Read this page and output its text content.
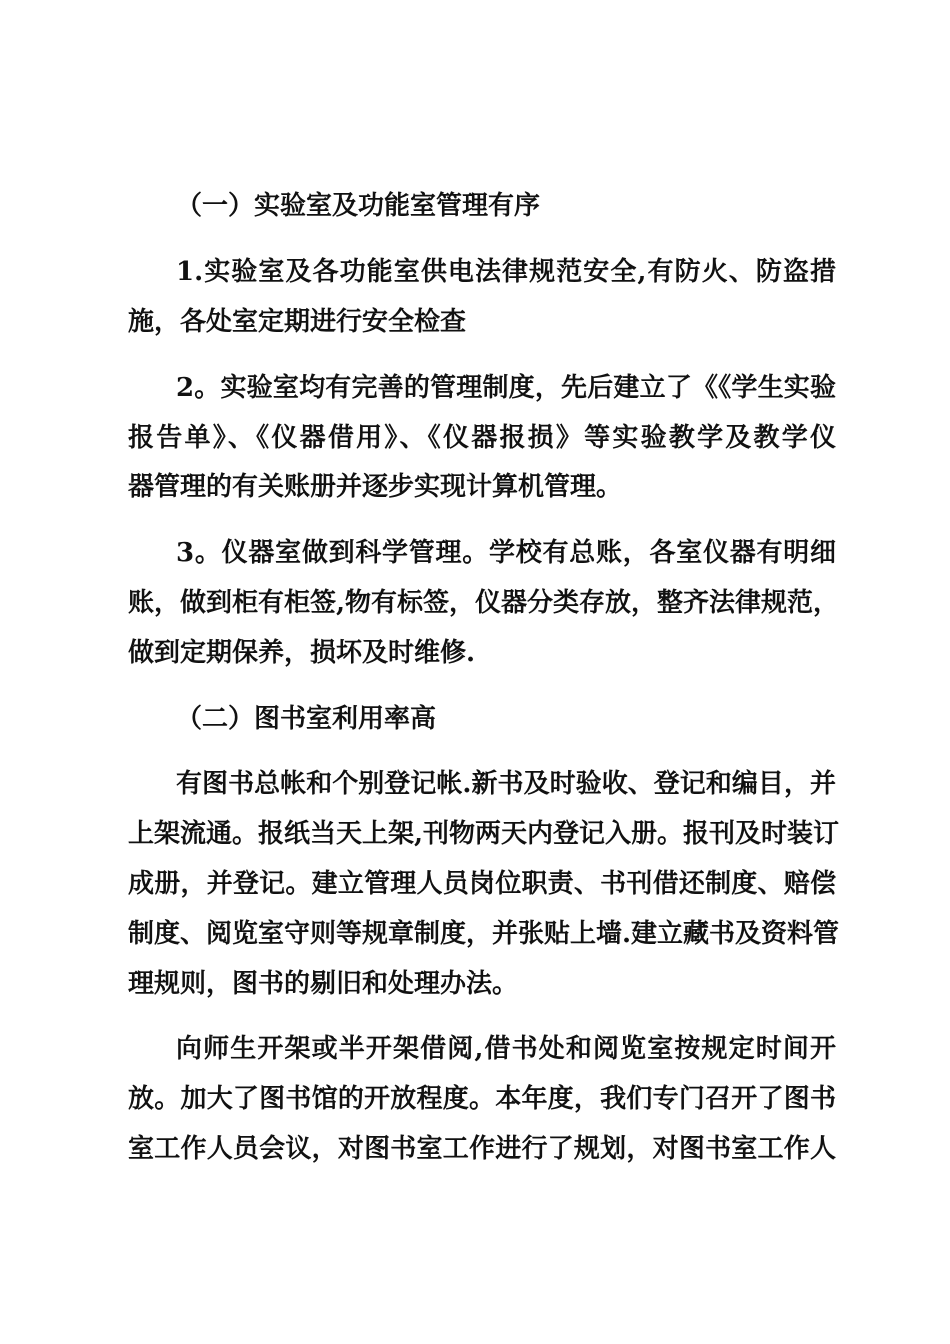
（一）实验室及功能室管理有序
1.实验室及各功能室供电法律规范安全,有防火、防盗措
施，各处室定期进行安全检查
2。实验室均有完善的管理制度，先后建立了《《学生实验
报告单》、《仪器借用》、《仪器报损》等实验教学及教学仪
器管理的有关账册并逐步实现计算机管理。
3。仪器室做到科学管理。学校有总账，各室仪器有明细
账，做到柜有柜签,物有标签，仪器分类存放，整齐法律规范，
做到定期保养，损坏及时维修.
（二）图书室利用率高
有图书总帐和个别登记帐.新书及时验收、登记和编目，并
上架流通。报纸当天上架,刊物两天内登记入册。报刊及时装订
成册，并登记。建立管理人员岗位职责、书刊借还制度、赔偿
制度、阅览室守则等规章制度，并张贴上墙.建立藏书及资料管
理规则，图书的剔旧和处理办法。
向师生开架或半开架借阅,借书处和阅览室按规定时间开
放。加大了图书馆的开放程度。本年度，我们专门召开了图书
室工作人员会议，对图书室工作进行了规划，对图书室工作人
